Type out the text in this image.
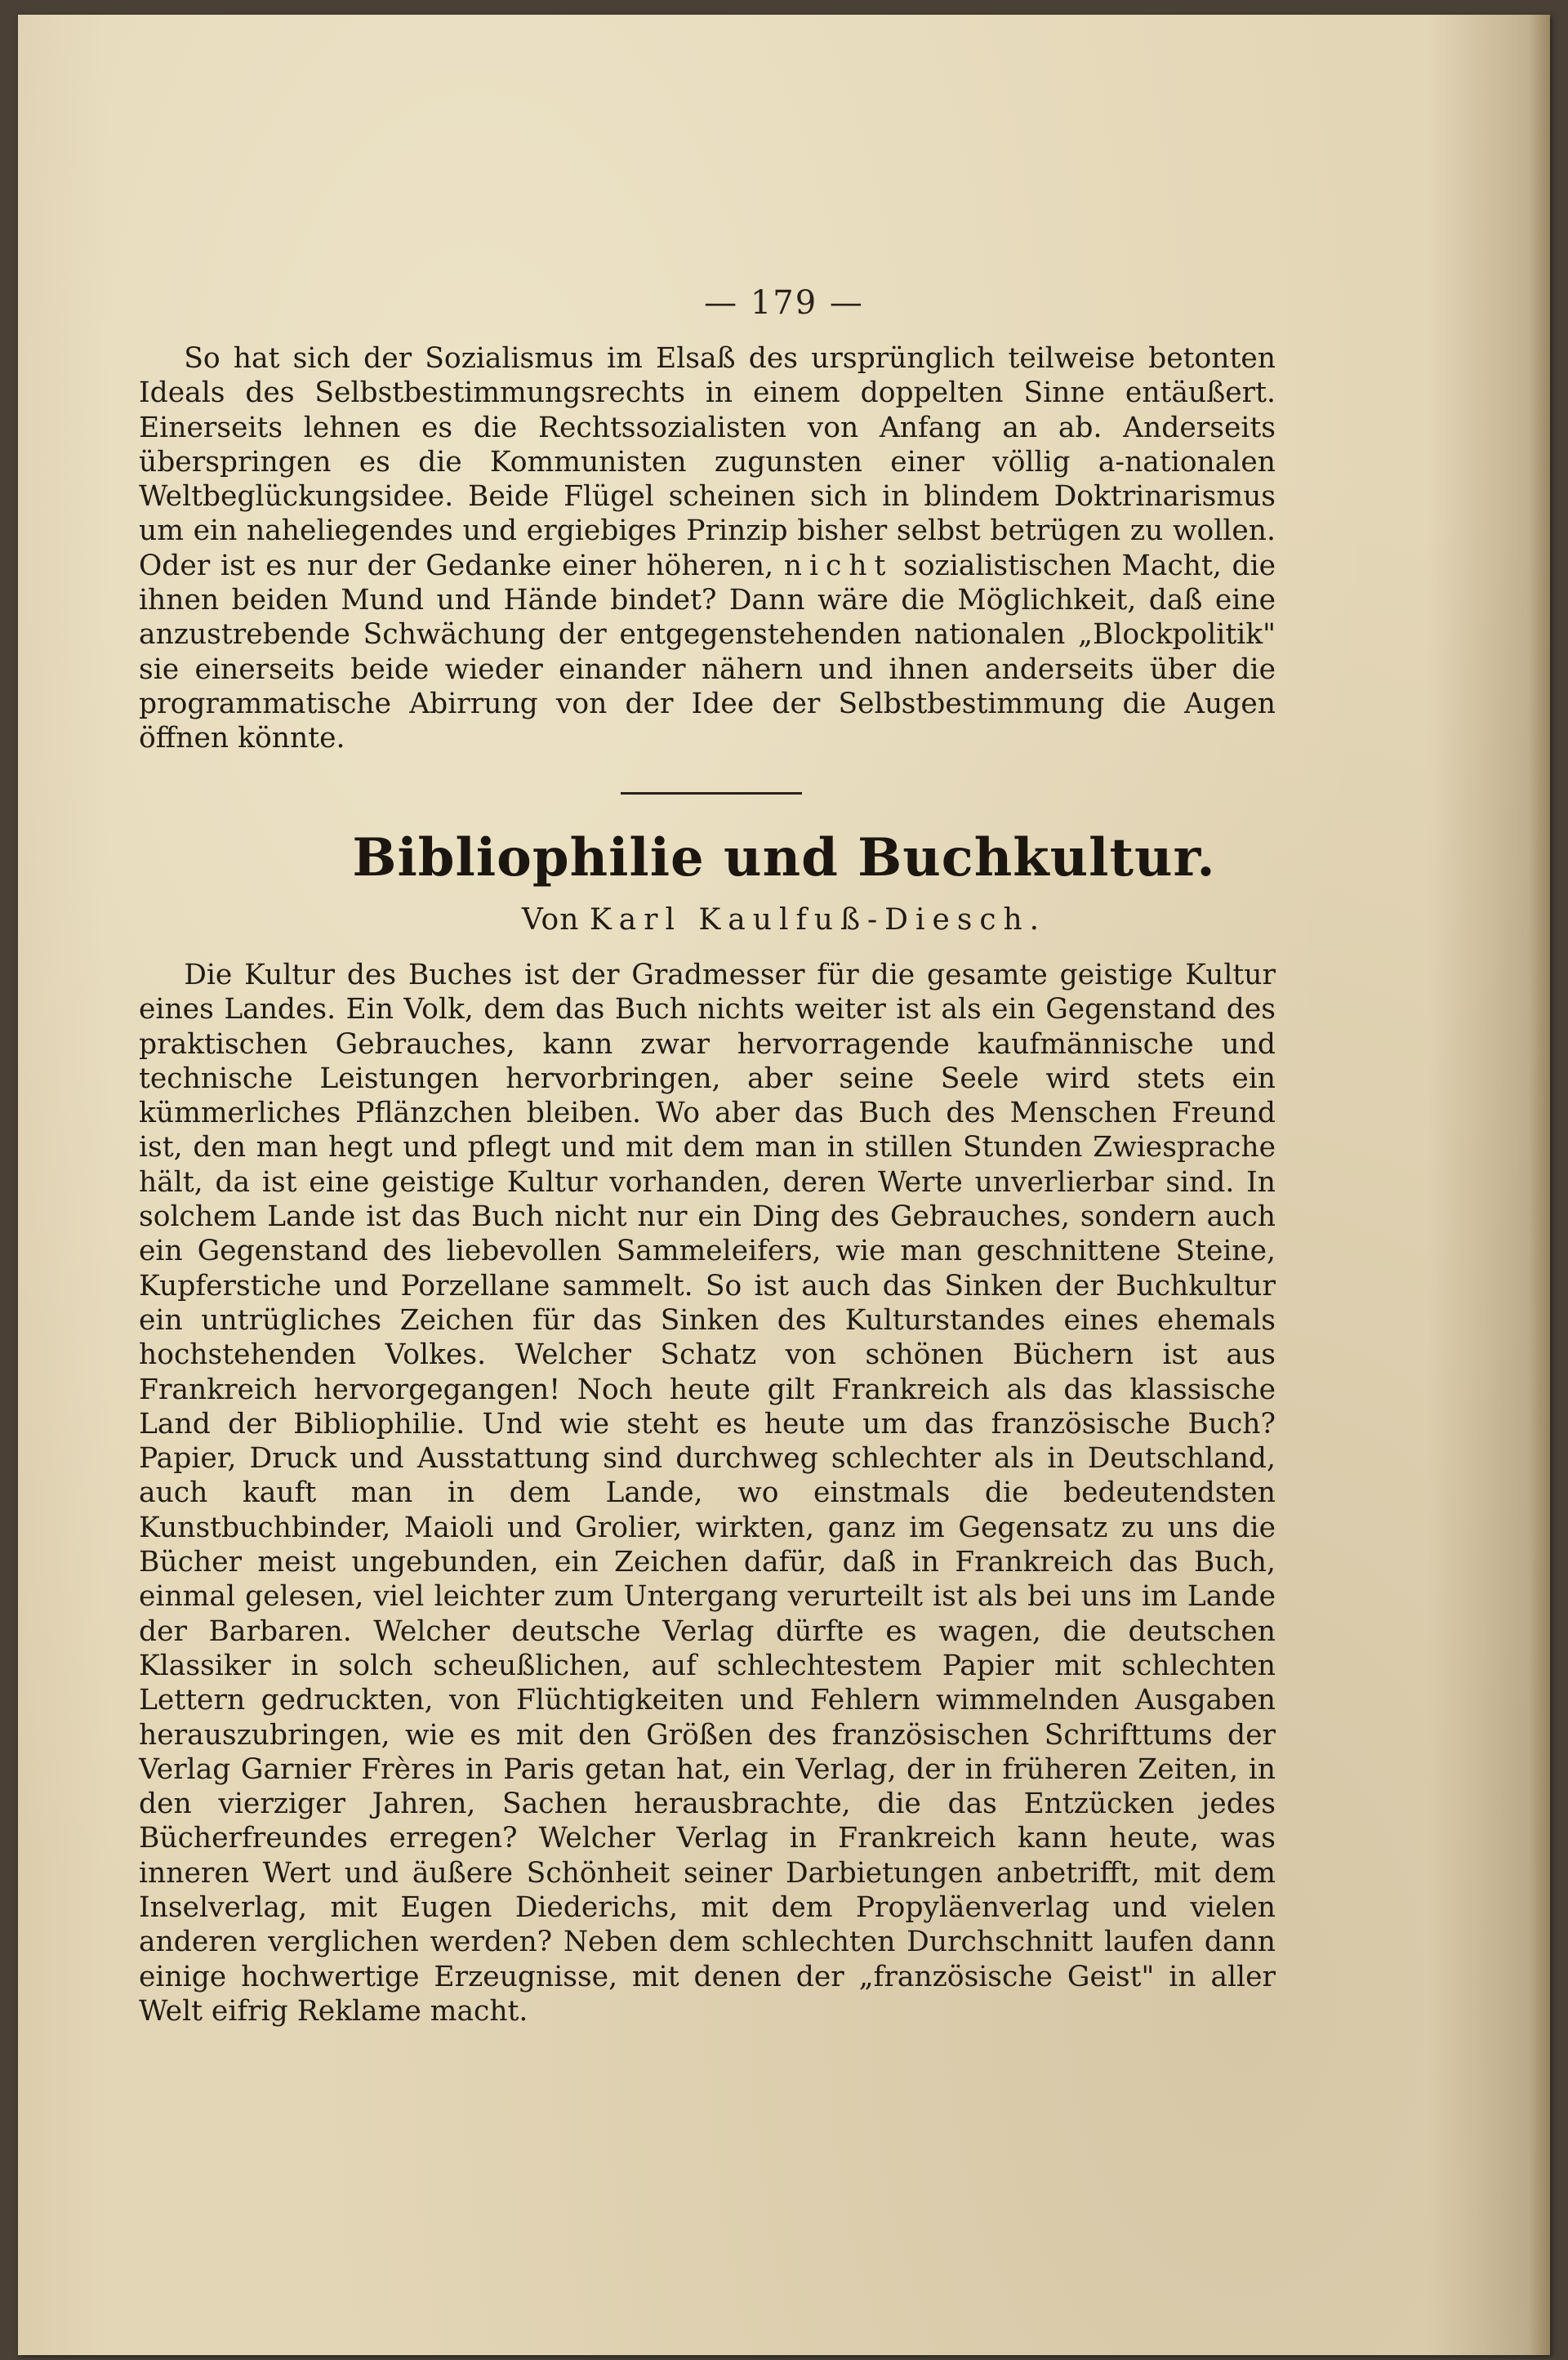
— 179 —

So hat sich der Sozialismus im Elsaß des ursprünglich teilweise betonten Ideals des Selbstbestimmungsrechts in einem doppelten Sinne entäußert. Einerseits lehnen es die Rechtssozialisten von Anfang an ab. Anderseits überspringen es die Kommunisten zugunsten einer völlig a-nationalen Weltbeglückungsidee. Beide Flügel scheinen sich in blindem Doktrinarismus um ein naheliegendes und ergiebiges Prinzip bisher selbst betrügen zu wollen. Oder ist es nur der Gedanke einer höheren, nicht sozialistischen Macht, die ihnen beiden Mund und Hände bindet? Dann wäre die Möglichkeit, daß eine anzustrebende Schwächung der entgegenstehenden nationalen „Blockpolitik" sie einerseits beide wieder einander nähern und ihnen anderseits über die programmatische Abirrung von der Idee der Selbstbestimmung die Augen öffnen könnte.

Bibliophilie und Buchkultur.
Von Karl Kaulfuß-Diesch.

Die Kultur des Buches ist der Gradmesser für die gesamte geistige Kultur eines Landes. Ein Volk, dem das Buch nichts weiter ist als ein Gegenstand des praktischen Gebrauches, kann zwar hervorragende kaufmännische und technische Leistungen hervorbringen, aber seine Seele wird stets ein kümmerliches Pflänzchen bleiben. Wo aber das Buch des Menschen Freund ist, den man hegt und pflegt und mit dem man in stillen Stunden Zwiesprache hält, da ist eine geistige Kultur vorhanden, deren Werte unverlierbar sind. In solchem Lande ist das Buch nicht nur ein Ding des Gebrauches, sondern auch ein Gegenstand des liebevollen Sammeleifers, wie man geschnittene Steine, Kupferstiche und Porzellane sammelt. So ist auch das Sinken der Buchkultur ein untrügliches Zeichen für das Sinken des Kulturstandes eines ehemals hochstehenden Volkes. Welcher Schatz von schönen Büchern ist aus Frankreich hervorgegangen! Noch heute gilt Frankreich als das klassische Land der Bibliophilie. Und wie steht es heute um das französische Buch? Papier, Druck und Ausstattung sind durchweg schlechter als in Deutschland, auch kauft man in dem Lande, wo einstmals die bedeutendsten Kunstbuchbinder, Maioli und Grolier, wirkten, ganz im Gegensatz zu uns die Bücher meist ungebunden, ein Zeichen dafür, daß in Frankreich das Buch, einmal gelesen, viel leichter zum Untergang verurteilt ist als bei uns im Lande der Barbaren. Welcher deutsche Verlag dürfte es wagen, die deutschen Klassiker in solch scheußlichen, auf schlechtestem Papier mit schlechten Lettern gedruckten, von Flüchtigkeiten und Fehlern wimmelnden Ausgaben herauszubringen, wie es mit den Größen des französischen Schrifttums der Verlag Garnier Frères in Paris getan hat, ein Verlag, der in früheren Zeiten, in den vierziger Jahren, Sachen herausbrachte, die das Entzücken jedes Bücherfreundes erregen? Welcher Verlag in Frankreich kann heute, was inneren Wert und äußere Schönheit seiner Darbietungen anbetrifft, mit dem Inselverlag, mit Eugen Diederichs, mit dem Propyläenverlag und vielen anderen verglichen werden? Neben dem schlechten Durchschnitt laufen dann einige hochwertige Erzeugnisse, mit denen der „französische Geist" in aller Welt eifrig Reklame macht.
